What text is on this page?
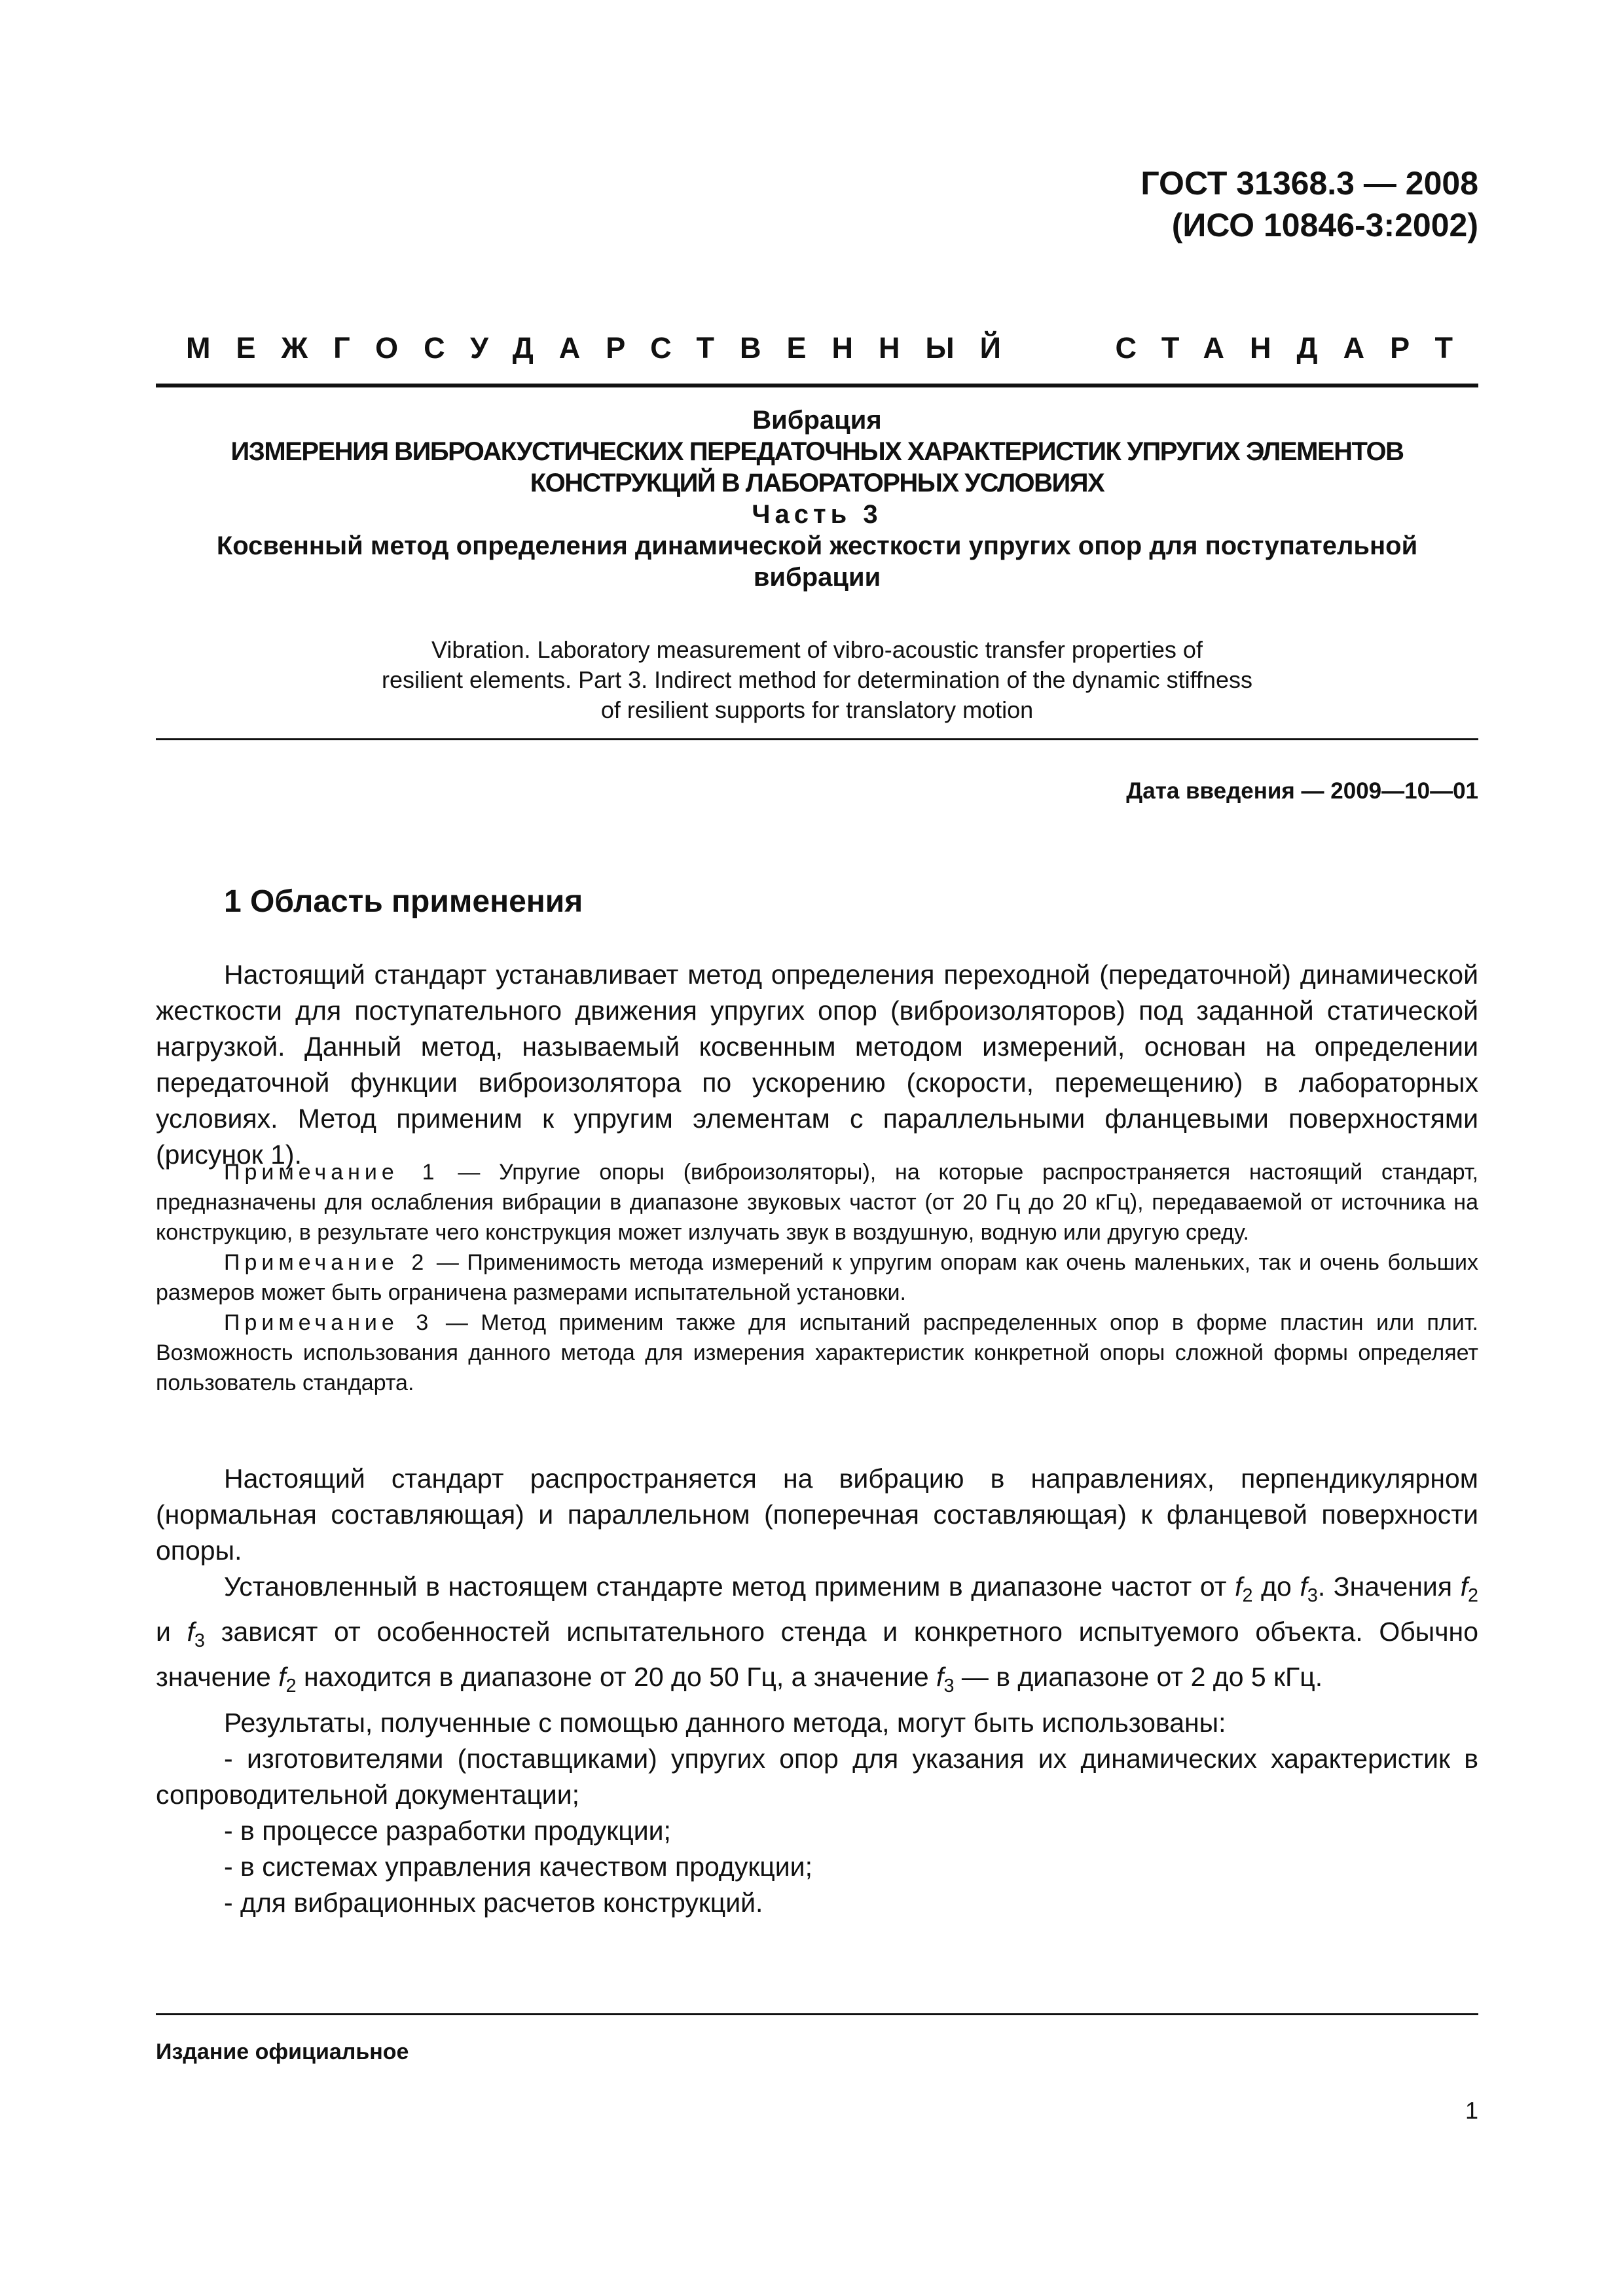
ГОСТ 31368.3 — 2008
(ИСО 10846-3:2002)
МЕЖГОСУДАРСТВЕННЫЙ	СТАНДАРТ
Вибрация
ИЗМЕРЕНИЯ ВИБРОАКУСТИЧЕСКИХ ПЕРЕДАТОЧНЫХ ХАРАКТЕРИСТИК УПРУГИХ ЭЛЕМЕНТОВ
КОНСТРУКЦИЙ В ЛАБОРАТОРНЫХ УСЛОВИЯХ
Часть 3
Косвенный метод определения динамической жесткости упругих опор для поступательной
вибрации
Vibration. Laboratory measurement of vibro-acoustic transfer properties of
resilient elements. Part 3. Indirect method for determination of the dynamic stiffness
of resilient supports for translatory motion
Дата введения — 2009—10—01
1 Область применения

Настоящий стандарт устанавливает метод определения переходной (передаточной) динамической жесткости для поступательного движения упругих опор (виброизоляторов) под заданной статической нагрузкой. Данный метод, называемый косвенным методом измерений, основан на определении передаточной функции виброизолятора по ускорению (скорости, перемещению) в лабораторных условиях. Метод применим к упругим элементам с параллельными фланцевыми поверхностями (рисунок 1).

Примечание 1 — Упругие опоры (виброизоляторы), на которые распространяется настоящий стандарт, предназначены для ослабления вибрации в диапазоне звуковых частот (от 20 Гц до 20 кГц), передаваемой от источника на конструкцию, в результате чего конструкция может излучать звук в воздушную, водную или другую среду.

Примечание 2 — Применимость метода измерений к упругим опорам как очень маленьких, так и очень больших размеров может быть ограничена размерами испытательной установки.

Примечание 3 — Метод применим также для испытаний распределенных опор в форме пластин или плит. Возможность использования данного метода для измерения характеристик конкретной опоры сложной формы определяет пользователь стандарта.

Настоящий стандарт распространяется на вибрацию в направлениях, перпендикулярном (нормальная составляющая) и параллельном (поперечная составляющая) к фланцевой поверхности опоры.

Установленный в настоящем стандарте метод применим в диапазоне частот от $f_2$ до $f_3$. Значения $f_2$ и $f_3$ зависят от особенностей испытательного стенда и конкретного испытуемого объекта. Обычно значение $f_2$ находится в диапазоне от 20 до 50 Гц, а значение $f_3$ — в диапазоне от 2 до 5 кГц.

Результаты, полученные с помощью данного метода, могут быть использованы:

- изготовителями (поставщиками) упругих опор для указания их динамических характеристик в сопроводительной документации;

- в процессе разработки продукции;

- в системах управления качеством продукции;

- для вибрационных расчетов конструкций.

Издание официальное
1
